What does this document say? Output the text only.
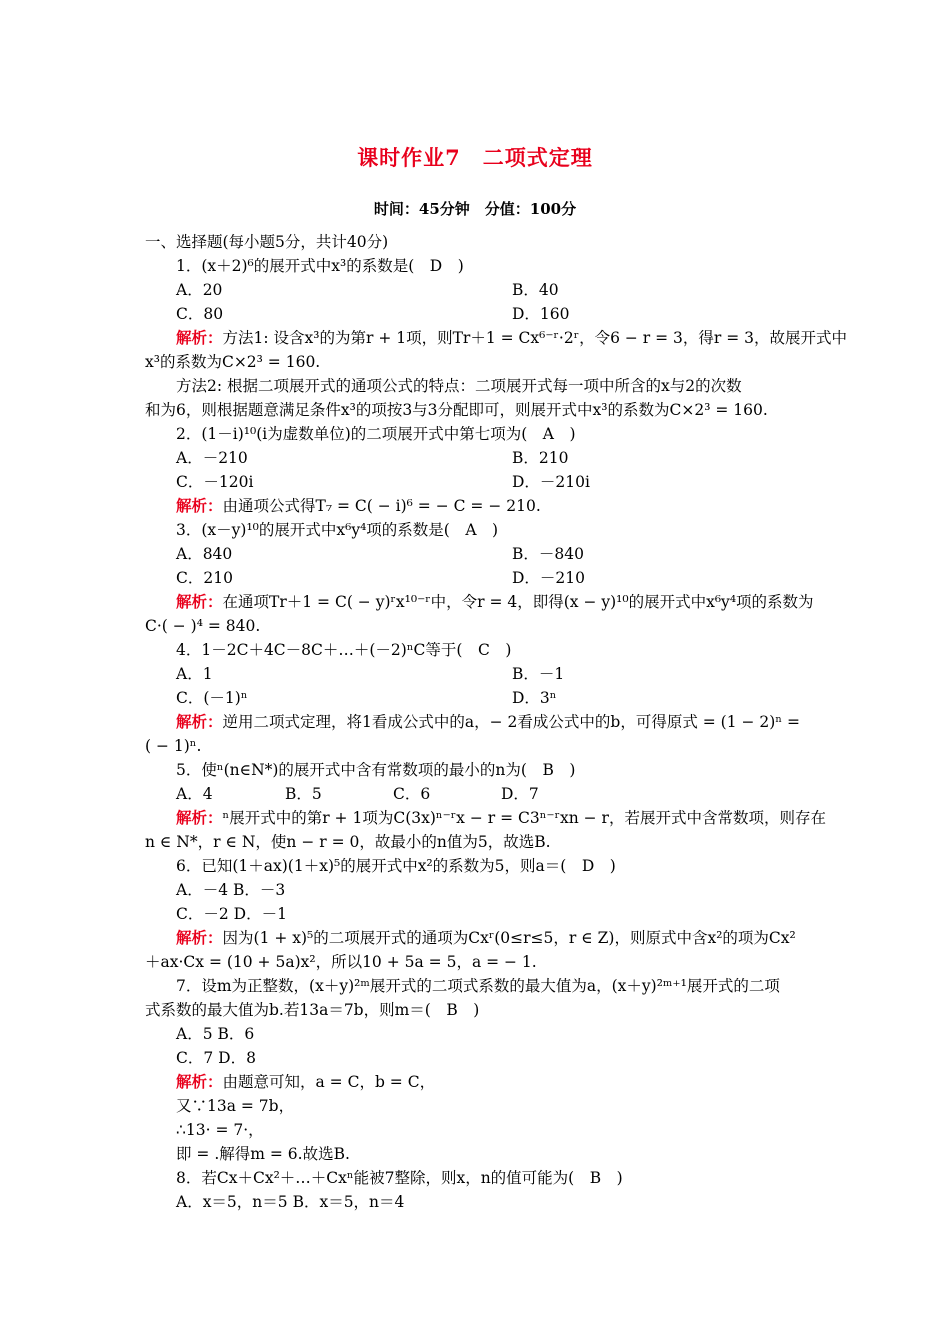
课时作业7　二项式定理
时间：45分钟　分值：100分
一、选择题(每小题5分，共计40分)
1．(x＋2)⁶的展开式中x³的系数是(　D　)
A．20	B．40
C．80	D．160
解析：方法1: 设含x³的为第r + 1项，则Tr＋1 = Cx⁶⁻ʳ·2ʳ，令6 − r = 3，得r = 3，故展开式中
x³的系数为C×2³ = 160.
方法2: 根据二项展开式的通项公式的特点：二项展开式每一项中所含的x与2的次数
和为6，则根据题意满足条件x³的项按3与3分配即可，则展开式中x³的系数为C×2³ = 160.
2．(1－i)¹⁰(i为虚数单位)的二项展开式中第七项为(　A　)
A．－210	B．210
C．－120i	D．－210i
解析：由通项公式得T₇ = C( − i)⁶ = − C = − 210.
3．(x－y)¹⁰的展开式中x⁶y⁴项的系数是(　A　)
A．840	B．－840
C．210	D．－210
解析：在通项Tr＋1 = C( − y)ʳx¹⁰⁻ʳ中，令r = 4，即得(x − y)¹⁰的展开式中x⁶y⁴项的系数为
C·( − )⁴ = 840.
4．1－2C＋4C－8C＋…＋(－2)ⁿC等于(　C　)
A．1	B．－1
C．(－1)ⁿ	D．3ⁿ
解析：逆用二项式定理，将1看成公式中的a，− 2看成公式中的b，可得原式 = (1 − 2)ⁿ =
( − 1)ⁿ.
5．使ⁿ(n∈N*)的展开式中含有常数项的最小的n为(　B　)
A．4	B．5	C．6	D．7
解析：ⁿ展开式中的第r + 1项为C(3x)ⁿ⁻ʳx − r = C3ⁿ⁻ʳxn − r，若展开式中含常数项，则存在
n ∈ N*，r ∈ N，使n − r = 0，故最小的n值为5，故选B.
6．已知(1＋ax)(1＋x)⁵的展开式中x²的系数为5，则a＝(　D　)
A．－4 B．－3
C．－2 D．－1
解析：因为(1 + x)⁵的二项展开式的通项为Cxʳ(0≤r≤5，r ∈ Z)，则原式中含x²的项为Cx²
＋ax·Cx = (10 + 5a)x²，所以10 + 5a = 5，a = − 1.
7．设m为正整数，(x＋y)²ᵐ展开式的二项式系数的最大值为a，(x＋y)²ᵐ⁺¹展开式的二项
式系数的最大值为b.若13a＝7b，则m＝(　B　)
A．5 B．6
C．7 D．8
解析：由题意可知，a = C，b = C，
又∵13a = 7b，
∴13· = 7·，
即 = .解得m = 6.故选B.
8．若Cx＋Cx²＋…＋Cxⁿ能被7整除，则x，n的值可能为(　B　)
A．x＝5，n＝5 B．x＝5，n＝4
